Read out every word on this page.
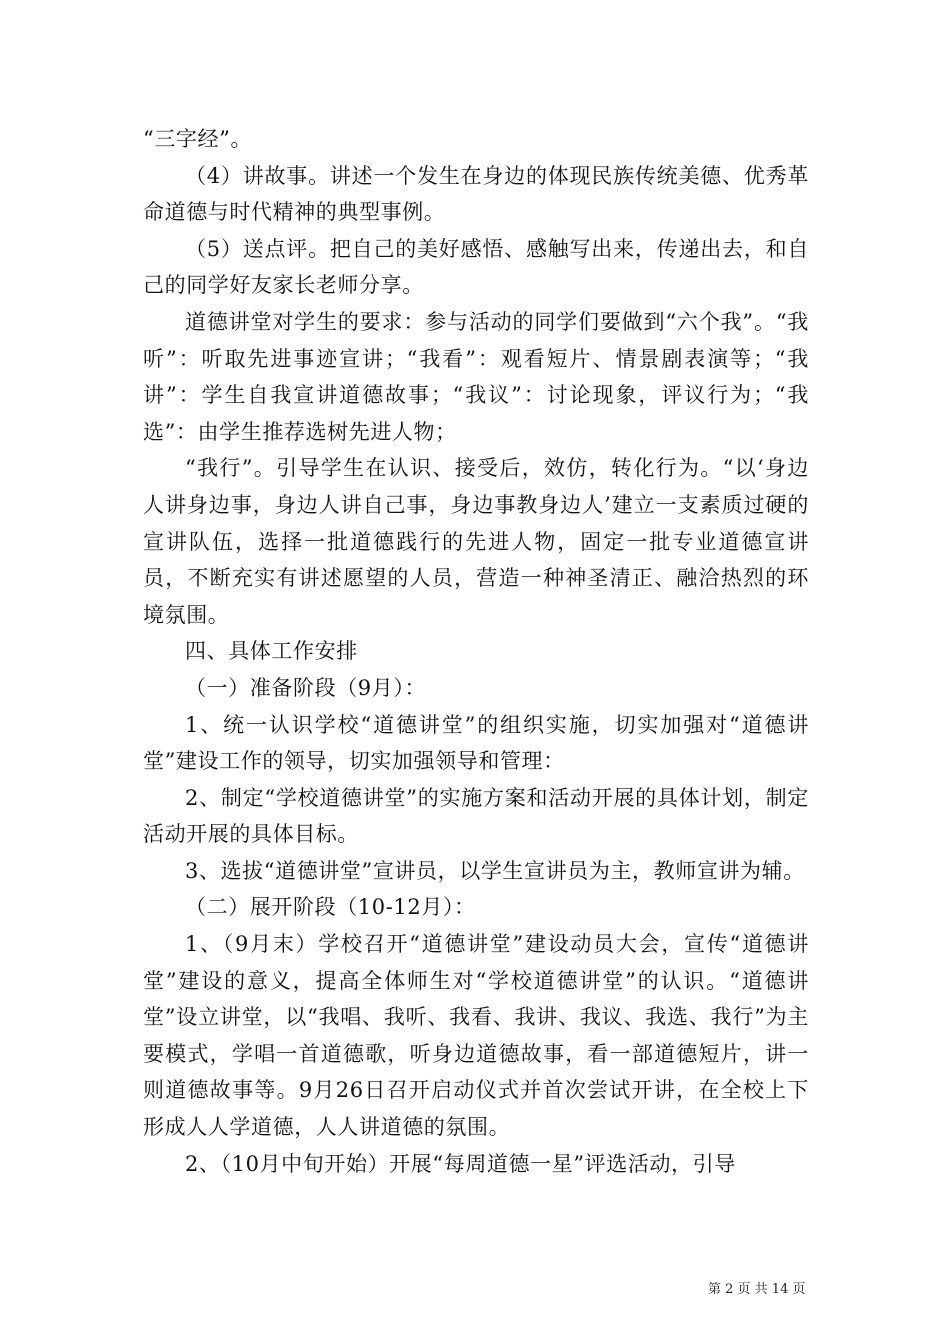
“三字经”。

（4）讲故事。讲述一个发生在身边的体现民族传统美德、优秀革命道德与时代精神的典型事例。

（5）送点评。把自己的美好感悟、感触写出来，传递出去，和自己的同学好友家长老师分享。

道德讲堂对学生的要求：参与活动的同学们要做到“六个我”。“我听”：听取先进事迹宣讲；“我看”：观看短片、情景剧表演等；“我讲”：学生自我宣讲道德故事；“我议”：讨论现象，评议行为；“我选”：由学生推荐选树先进人物；

“我行”。引导学生在认识、接受后，效仿，转化行为。“以‘身边人讲身边事，身边人讲自己事，身边事教身边人’建立一支素质过硬的宣讲队伍，选择一批道德践行的先进人物，固定一批专业道德宣讲员，不断充实有讲述愿望的人员，营造一种神圣清正、融洽热烈的环境氛围。

四、具体工作安排

（一）准备阶段（9月）：

1、统一认识学校“道德讲堂”的组织实施，切实加强对“道德讲堂”建设工作的领导，切实加强领导和管理：

2、制定“学校道德讲堂”的实施方案和活动开展的具体计划，制定活动开展的具体目标。

3、选拔“道德讲堂”宣讲员，以学生宣讲员为主，教师宣讲为辅。

（二）展开阶段（10-12月）：

1、（9月末）学校召开“道德讲堂”建设动员大会，宣传“道德讲堂”建设的意义，提高全体师生对“学校道德讲堂”的认识。“道德讲堂”设立讲堂，以“我唱、我听、我看、我讲、我议、我选、我行”为主要模式，学唱一首道德歌，听身边道德故事，看一部道德短片，讲一则道德故事等。9月26日召开启动仪式并首次尝试开讲，在全校上下形成人人学道德，人人讲道德的氛围。

2、（10月中旬开始）开展“每周道德一星”评选活动，引导

第 2 页 共 14 页
